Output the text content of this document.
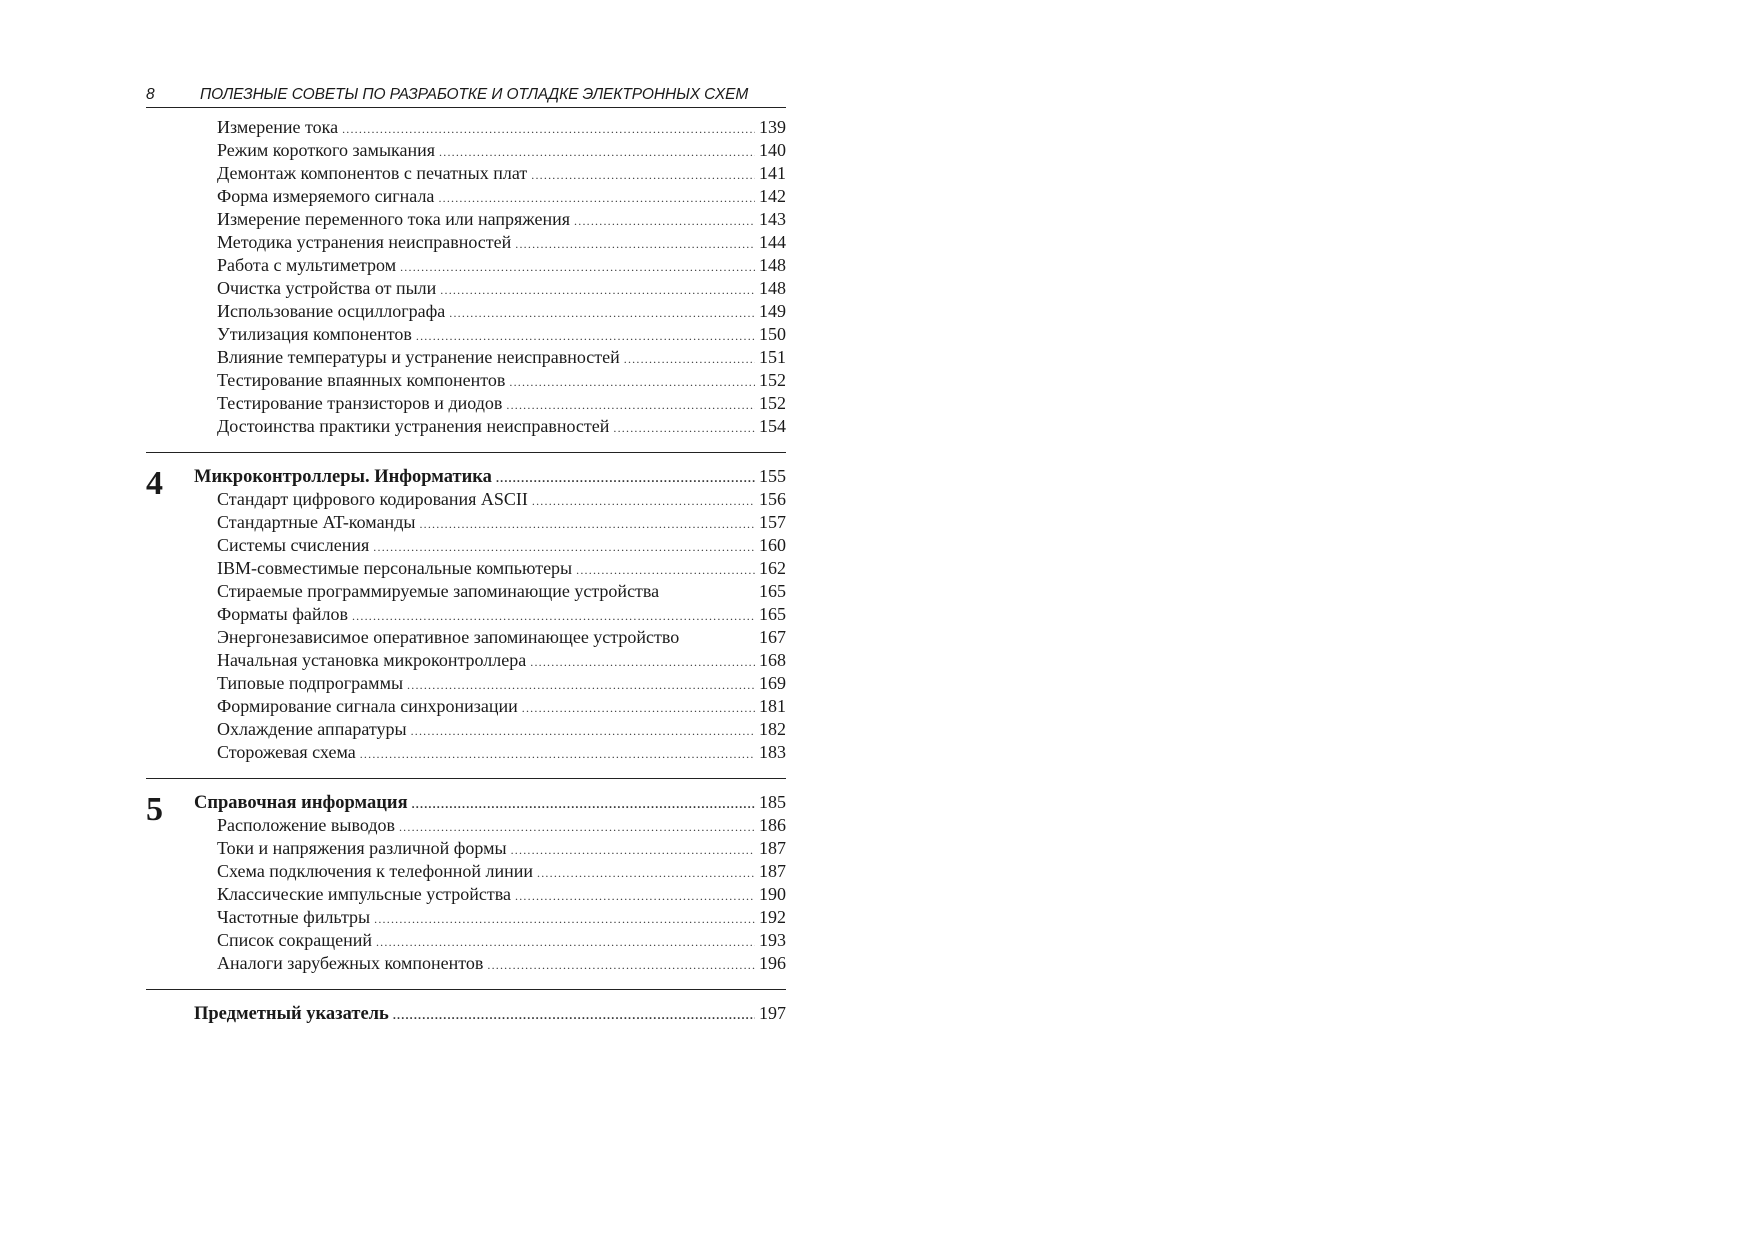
8	ПОЛЕЗНЫЕ СОВЕТЫ ПО РАЗРАБОТКЕ И ОТЛАДКЕ ЭЛЕКТРОННЫХ СХЕМ
Измерение тока .....	139
Режим короткого замыкания .....	140
Демонтаж компонентов с печатных плат .....	141
Форма измеряемого сигнала .....	142
Измерение переменного тока или напряжения .....	143
Методика устранения неисправностей .....	144
Работа с мультиметром .....	148
Очистка устройства от пыли .....	148
Использование осциллографа .....	149
Утилизация компонентов .....	150
Влияние температуры и устранение неисправностей .....	151
Тестирование впаянных компонентов .....	152
Тестирование транзисторов и диодов .....	152
Достоинства практики устранения неисправностей .....	154
4 Микроконтроллеры. Информатика .....	155
Стандарт цифрового кодирования ASCII .....	156
Стандартные AT-команды .....	157
Системы счисления .....	160
IBM-совместимые персональные компьютеры .....	162
Стираемые программируемые запоминающие устройства	165
Форматы файлов .....	165
Энергонезависимое оперативное запоминающее устройство	167
Начальная установка микроконтроллера .....	168
Типовые подпрограммы .....	169
Формирование сигнала синхронизации .....	181
Охлаждение аппаратуры .....	182
Сторожевая схема .....	183
5 Справочная информация .....	185
Расположение выводов .....	186
Токи и напряжения различной формы .....	187
Схема подключения к телефонной линии .....	187
Классические импульсные устройства .....	190
Частотные фильтры .....	192
Список сокращений .....	193
Аналоги зарубежных компонентов .....	196
Предметный указатель .....	197
